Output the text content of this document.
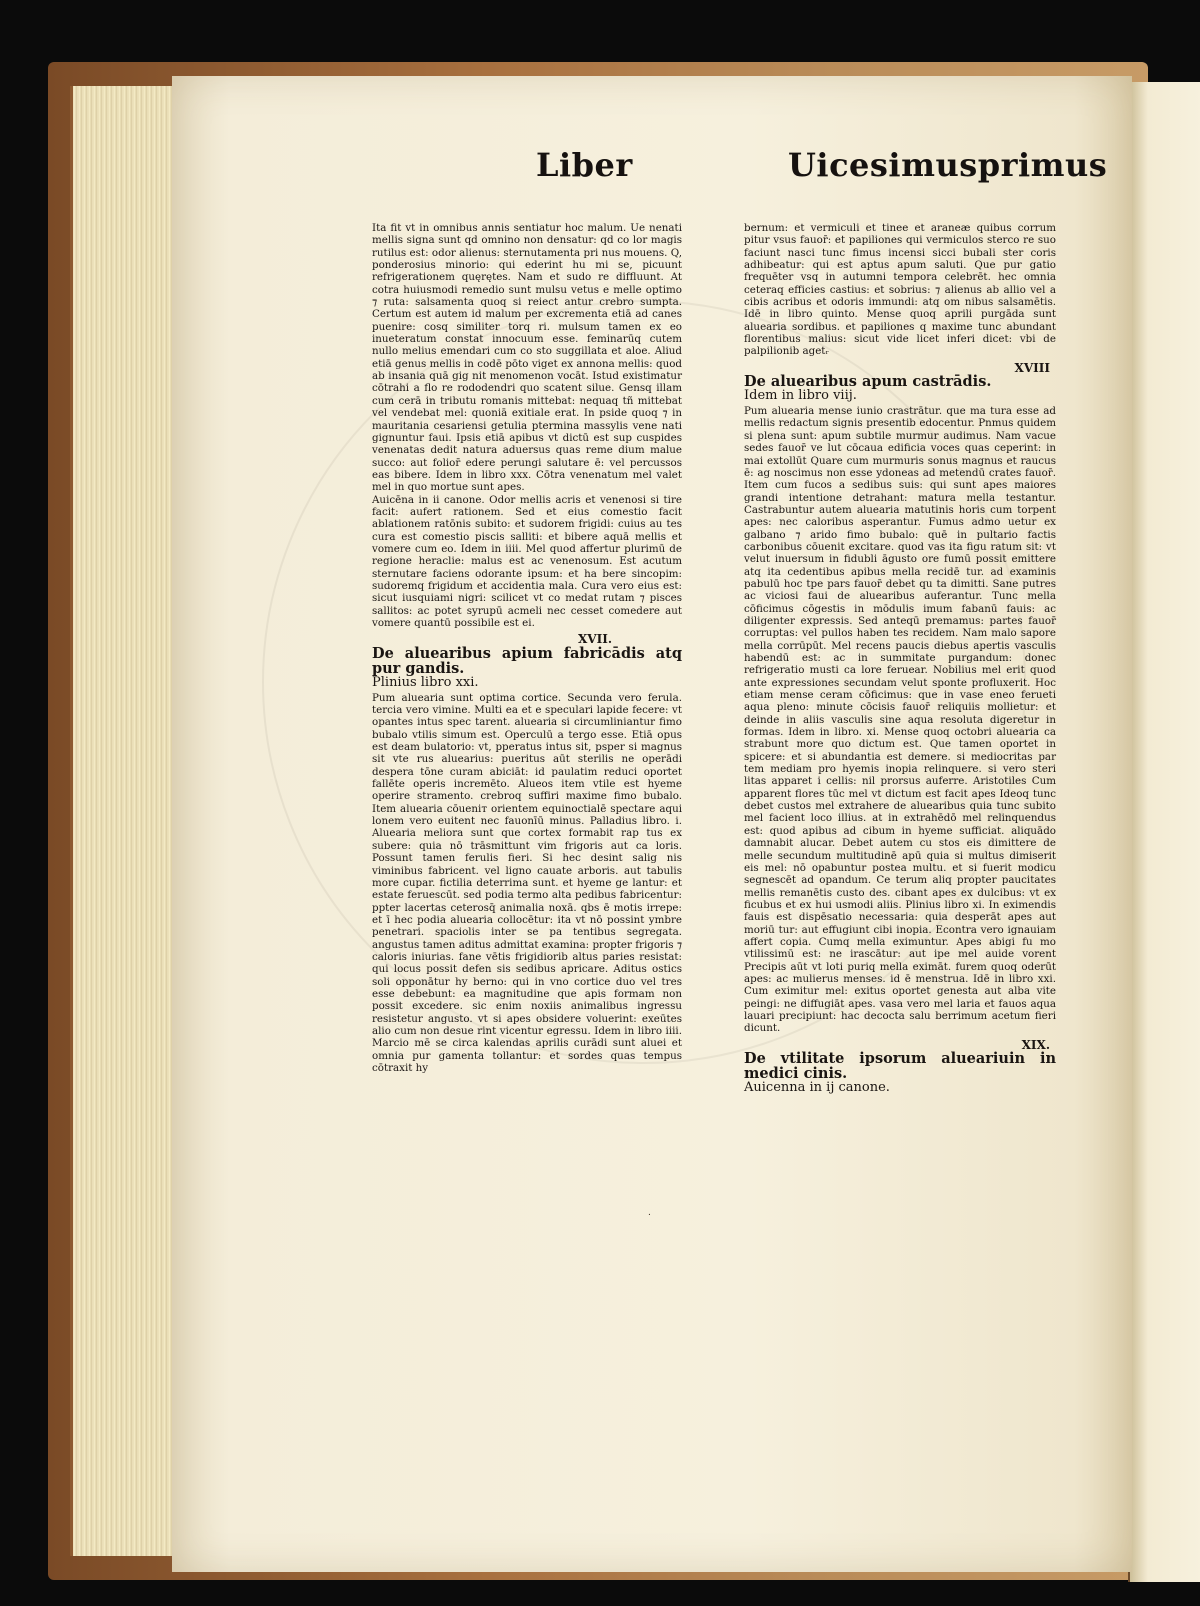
Liber	Uicesimusprimus

Ita fit vt in omnibus annis sentiatur hoc malum. Ue nenati mellis signa sunt qd omnino non densatur: qd co lor magis rutilus est: odor alienus: sternutamenta pri nus mouens. Q, ponderosius minorio: qui ederint hu mi se, picuunt refrigerationem quęrętes. Nam et sudo re diffluunt. At cotra huiusmodi remedio sunt mulsu vetus e melle optimo ⁊ ruta: salsamenta quoq si reiect antur crebro sumpta. Certum est autem id malum per excrementa etiā ad canes puenire: cosq similiter torq ri. mulsum tamen ex eo inueteratum constat innocuum esse. feminarūq cutem nullo melius emendari cum co sto suggillata et aloe. Aliud etiā genus mellis in codē pōto viget ex annona mellis: quod ab insania quā gig nit menomenon vocāt. Istud existimatur cōtrahi a flo re rododendri quo scatent silue. Gensq illam cum cerā in tributu romanis mittebat: nequaq tñ mittebat vel vendebat mel: quoniā exitiale erat. In pside quoq ⁊ in mauritania cesariensi getulia ptermina massylis vene nati gignuntur faui. Ipsis etiā apibus vt dictū est sup cuspides venenatas dedit natura aduersus quas reme dium malue succo: aut folior̄ edere perungi salutare ē: vel percussos eas bibere. Idem in libro xxx. Cōtra venenatum mel valet mel in quo mortue sunt apes.

Auicēna in ii canone. Odor mellis acris et venenosi si tire facit: aufert rationem. Sed et eius comestio facit ablationem ratōnis subito: et sudorem frigidi: cuius au tes cura est comestio piscis salliti: et bibere aquā mellis et vomere cum eo. Idem in iiii. Mel quod affertur plurimū de regione heraclie: malus est ac venenosum. Est acutum sternutare faciens odorante ipsum: et ha bere sincopim: sudoremq frigidum et accidentia mala. Cura vero eius est: sicut iusquiami nigri: scilicet vt co medat rutam ⁊ pisces sallitos: ac potet syrupū acmeli nec cesset comedere aut vomere quantū possibile est ei.

XVII.

De aluearibus apium fabricādis atq pur gandis.

Plinius libro xxi.

Pum aluearia sunt optima cortice. Secunda vero ferula. tercia vero vimine. Multi ea et e speculari lapide fecere: vt opantes intus spec tarent. aluearia si circumliniantur fimo bubalo vtilis simum est. Operculū a tergo esse. Etiā opus est deam bulatorio: vt, pperatus intus sit, psper si magnus sit vte rus aluearius: pueritus aūt sterilis ne operādi despera tōne curam abiciāt: id paulatim reduci oportet fallēte operis incremēto. Aluеos item vtile est hyeme operire stramento. crebroq suffiri maxime fimo bubalo. Item aluearia cōueniт orientem equinoctialē spectare aqui lonem vero euitent nec fauonīū minus. Palladius libro. i. Aluearia meliora sunt que cortex formabit rap tus ex subere: quia nō trāsmittunt vim frigoris aut ca loris. Possunt tamen ferulis fieri. Si hec desint salig nis viminibus fabricent. vel ligno cauate arboris. aut tabulis more cupar. fictilia deterrima sunt. et hyeme ge lantur: et estate feruescūt. sed podia termo alta pedibus fabricentur: ppter lacertas ceterosq̄ animalia noxā. qbs ē motis irrepe: et ī hec podia aluearia collocētur: ita vt nō possint ymbre penetrari. spaciolis inter se pa tentibus segregata. angustus tamen aditus admittat examina: propter frigoris ⁊ caloris iniurias. fane vētis frigidiorib altus paries resistat: qui locus possit defen sis sedibus apricare. Aditus ostics soli opponātur hy berno: qui in vno cortice duo vel tres esse debebunt: ea magnitudine que apis formam non possit excedere. sic enim noxiis animalibus ingressu resistetur angusto. vt si apes obsidere voluerint: exeūtes alio cum non desue rint vicentur egressu. Idem in libro iiii. Marcio mē se circa kalendas aprilis curādi sunt aluei et omnia pur gamenta tollantur: et sordes quas tempus cōtraxit hy

bernum: et vermiculi et tinee et araneæ quibus corrum pitur vsus fauor̄: et papiliones qui vermiculos sterco re suo faciunt nasci tunc fimus incensi sicci bubali ster coris adhibeatur: qui est aptus apum saluti. Que pur gatio frequēter vsq in autumni tempora celebrēt. hec omnia ceteraq efficies castius: et sobrius: ⁊ alienus ab allio vel a cibis acribus et odoris immundi: atq om nibus salsamētis. Idē in libro quinto. Mense quoq aprili purgāda sunt aluearia sordibus. et papiliones q maxime tunc abundant florentibus malius: sicut vide licet inferi dicet: vbi de palpilionib agetᵣ

XVIII

De aluearibus apum castrādis.

Idem in libro viij.

Pum aluearia mense iunio crastrātur. que ma tura esse ad mellis redactum signis presentib edocentur. Pnmus quidem si plena sunt: apum subtile murmur audimus. Nam vacue sedes fauor̄ ve lut cōcaua edificia voces quas ceperint: in mai extollūt Quare cum murmuris sonus magnus et raucus ē: ag noscimus non esse ydoneas ad metendū crates fauor̄. Item cum fucos a sedibus suis: qui sunt apes maiores grandi intentione detrahant: matura mella testantur. Castrabuntur autem aluearia matutinis horis cum torpent apes: nec caloribus asperantur. Fumus admo uetur ex galbano ⁊ arido fimo bubalo: quē in pultario factis carbonibus cōuenit excitare. quod vas ita figu ratum sit: vt velut inuersum in fidubli āgusto ore fumū possit emittere atq ita cedentibus apibus mella recidē tur. ad examinis pabulū hoc tpe pars fauor̄ debet qu ta dimitti. Sane putres ac viciosi faui de aluearibus auferantur. Tunc mella cōficimus cōgestis in mōdulis imum fabanū fauis: ac diligenter expressis. Sed anteqū premamus: partes fauor̄ corruptas: vel pullos haben tes recidem. Nam malo sapore mella corrūpūt. Mel recens paucis diebus apertis vasculis habendū est: ac in summitate purgandum: donec refrigeratio musti ca lore feruear. Nobilius mel erit quod ante expressiones secundam velut sponte profluxerit. Hoc etiam mense ceram cōficimus: que in vase eneo ferueti aqua pleno: minute cōcisis fauor̄ reliquiis mollietur: et deinde in aliis vasculis sine aqua resoluta digeretur in formas. Idem in libro. xi. Mense quoq octobri aluearia ca strabunt more quo dictum est. Que tamen oportet in spicere: et si abundantia est demere. si mediocritas par tem mediam pro hyemis inopia relinquere. si vero steri litas apparet i cellis: nil prorsus auferre. Aristotiles Cum apparent flores tūc mel vt dictum est facit apes Ideoq tunc debet custos mel extrahere de aluearibus quia tunc subito mel facient loco illius. at in extrahēdō mel relinquendus est: quod apibus ad cibum in hyeme sufficiat. aliquādo damnabit alucar. Debet autem cu stos eis dimittere de melle secundum multitudinē apū quia si multus dimiserit eis mel: nō opabuntur postea multu. et si fuerit modicu segnescēt ad opandum. Ce terum aliq propter paucitates mellis remanētis custo des. cibant apes ex dulcibus: vt ex ficubus et ex hui usmodi aliis. Plinius libro xi. In eximendis fauis est dispēsatio necessaria: quia desperāt apes aut moriū tur: aut effugiunt cibi inopia. Econtra vero ignauiam affert copia. Cumq mella eximuntur. Apes abigi fu mo vtilissimū est: ne irascātur: aut ipe mel auide vorent Precipis aūt vt loti puriq mella eximāt. furem quoq oderūt apes: ac mulierus menses. id ē menstrua. Idē in libro xxi. Cum eximitur mel: exitus oportet genesta aut alba vite peingi: ne diffugiāt apes. vasa vero mel laria et fauos aqua lauari precipiunt: hac decocta salu berrimum acetum fieri dicunt.

XIX.

De vtilitate ipsorum alueariuin in medici cinis.

Auicenna in ij canone.

.
